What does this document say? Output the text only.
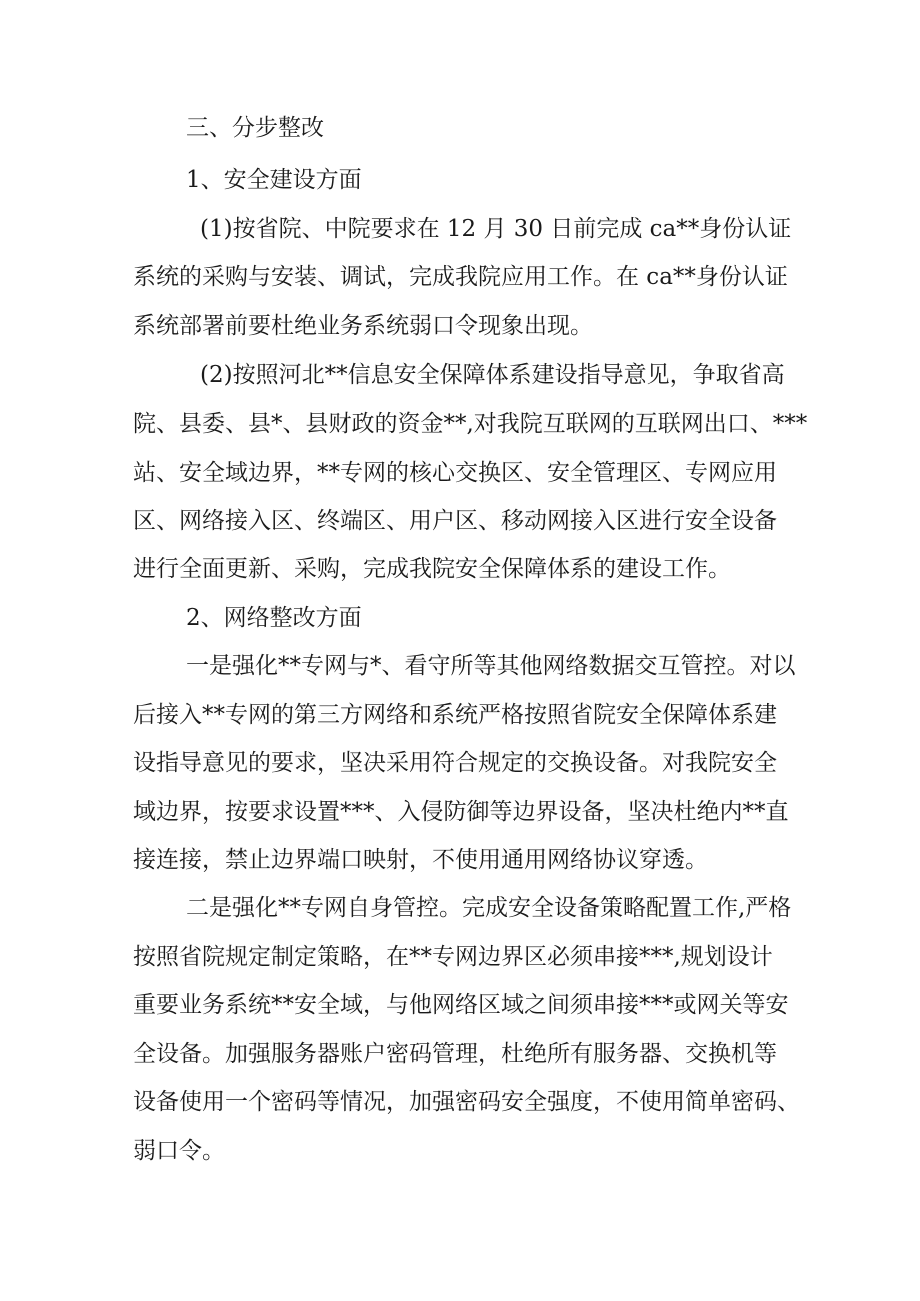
三、分步整改
1、安全建设方面
(1)按省院、中院要求在 12 月 30 日前完成 ca**身份认证
系统的采购与安装、调试，完成我院应用工作。在 ca**身份认证
系统部署前要杜绝业务系统弱口令现象出现。
(2)按照河北**信息安全保障体系建设指导意见，争取省高
院、县委、县*、县财政的资金**,对我院互联网的互联网出口、***
站、安全域边界，**专网的核心交换区、安全管理区、专网应用
区、网络接入区、终端区、用户区、移动网接入区进行安全设备
进行全面更新、采购，完成我院安全保障体系的建设工作。
2、网络整改方面
一是强化**专网与*、看守所等其他网络数据交互管控。对以
后接入**专网的第三方网络和系统严格按照省院安全保障体系建
设指导意见的要求，坚决采用符合规定的交换设备。对我院安全
域边界，按要求设置***、入侵防御等边界设备，坚决杜绝内**直
接连接，禁止边界端口映射，不使用通用网络协议穿透。
二是强化**专网自身管控。完成安全设备策略配置工作,严格
按照省院规定制定策略，在**专网边界区必须串接***,规划设计
重要业务系统**安全域，与他网络区域之间须串接***或网关等安
全设备。加强服务器账户密码管理，杜绝所有服务器、交换机等
设备使用一个密码等情况，加强密码安全强度，不使用简单密码、
弱口令。
